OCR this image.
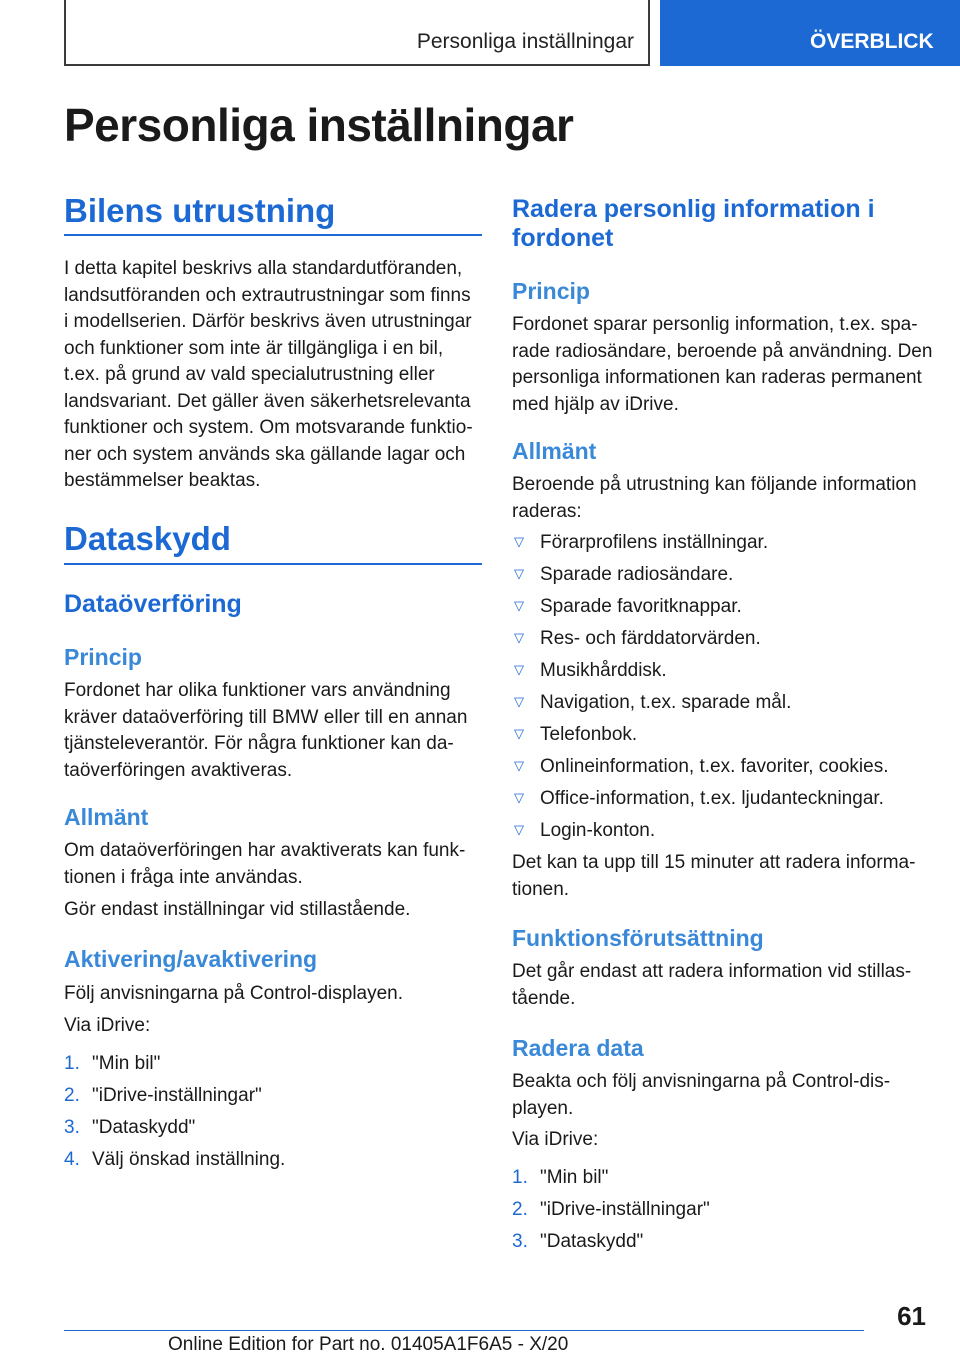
Personliga inställningar	ÖVERBLICK
Personliga inställningar
Bilens utrustning
I detta kapitel beskrivs alla standardutföranden,
landsutföranden och extrautrustningar som finns
i modellserien. Därför beskrivs även utrustningar
och funktioner som inte är tillgängliga i en bil,
t.ex. på grund av vald specialutrustning eller
landsvariant. Det gäller även säkerhetsrelevanta
funktioner och system. Om motsvarande funktio-
ner och system används ska gällande lagar och
bestämmelser beaktas.
Dataskydd
Dataöverföring
Princip
Fordonet har olika funktioner vars användning
kräver dataöverföring till BMW eller till en annan
tjänsteleverantör. För några funktioner kan da-
taöverföringen avaktiveras.
Allmänt
Om dataöverföringen har avaktiverats kan funk-
tionen i fråga inte användas.
Gör endast inställningar vid stillastående.
Aktivering/avaktivering
Följ anvisningarna på Control-displayen.
Via iDrive:
1. "Min bil"
2. "iDrive-inställningar"
3. "Dataskydd"
4. Välj önskad inställning.
Radera personlig information i
fordonet
Princip
Fordonet sparar personlig information, t.ex. spa-
rade radiosändare, beroende på användning. Den
personliga informationen kan raderas permanent
med hjälp av iDrive.
Allmänt
Beroende på utrustning kan följande information
raderas:
▽ Förarprofilens inställningar.
▽ Sparade radiosändare.
▽ Sparade favoritknappar.
▽ Res- och färddatorvärden.
▽ Musikhårddisk.
▽ Navigation, t.ex. sparade mål.
▽ Telefonbok.
▽ Onlineinformation, t.ex. favoriter, cookies.
▽ Office-information, t.ex. ljudanteckningar.
▽ Login-konton.
Det kan ta upp till 15 minuter att radera informa-
tionen.
Funktionsförutsättning
Det går endast att radera information vid stillas-
tående.
Radera data
Beakta och följ anvisningarna på Control-dis-
playen.
Via iDrive:
1. "Min bil"
2. "iDrive-inställningar"
3. "Dataskydd"
61
Online Edition for Part no. 01405A1F6A5 - X/20
